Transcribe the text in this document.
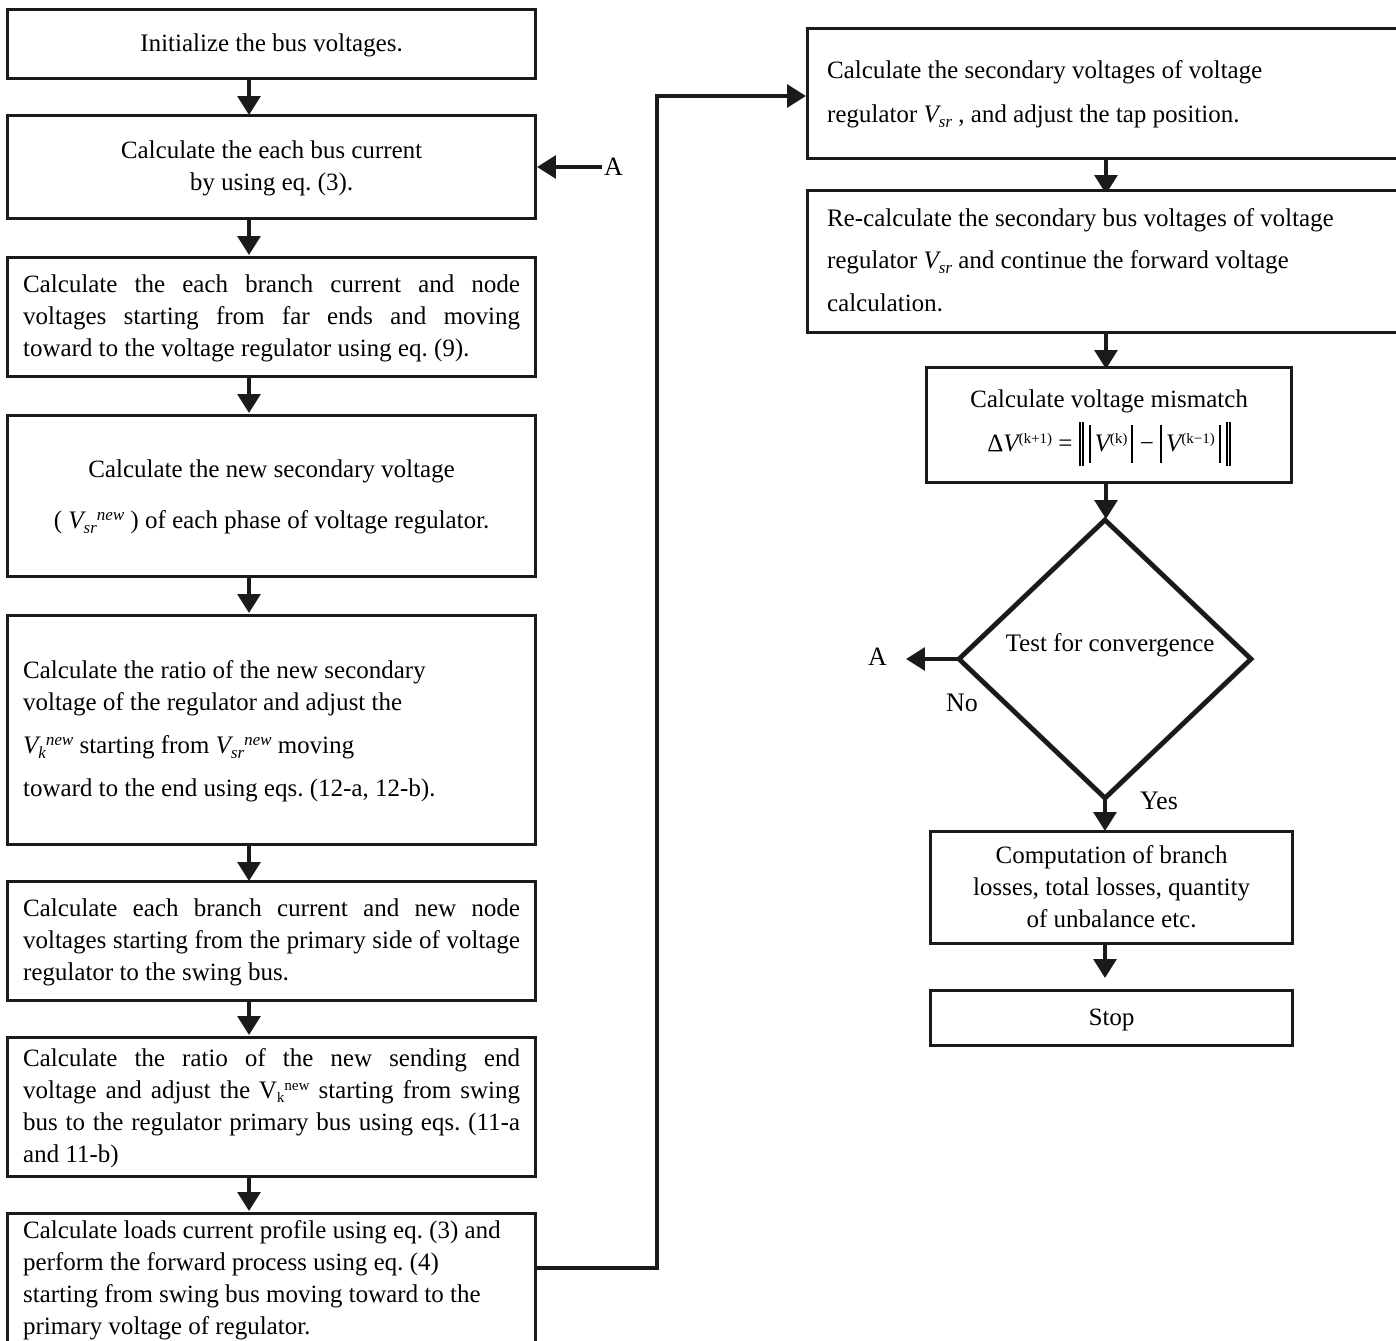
Initialize the bus voltages.
Calculate the each bus current
by using eq. (3).
Calculate the each branch current and node voltages starting from far ends and moving toward to the voltage regulator using eq. (9).
Calculate the new secondary voltage
( Vsr$^{new}$ ) of each phase of voltage regulator.
Calculate the ratio of the new secondary
voltage of the regulator and adjust the
$Vk^{new}$ starting from Vsr$^{new}$ moving
toward to the end using eqs. (12-a, 12-b).
Calculate each branch current and new node voltages starting from the primary side of voltage regulator to the swing bus.
Calculate the ratio of the new sending end voltage and adjust the $Vk^{new}$ starting from swing bus to the regulator primary bus using eqs. (11-a and 11-b)
Calculate loads current profile using eq. (3) and perform the forward process using eq. (4) starting from swing bus moving toward to the primary voltage of regulator.
A
Calculate the secondary voltages of voltage
regulator Vsr , and adjust the tap position.
Re-calculate the secondary bus voltages of voltage
regulator Vsr and continue the forward voltage
calculation.
Calculate voltage mismatch
$\Delta V^{(k+1)} = V^{(k)} - V^{(k-1)}$
Test for convergence
A
No
Yes
Computation of branch
losses, total losses, quantity
of unbalance etc.
Stop
